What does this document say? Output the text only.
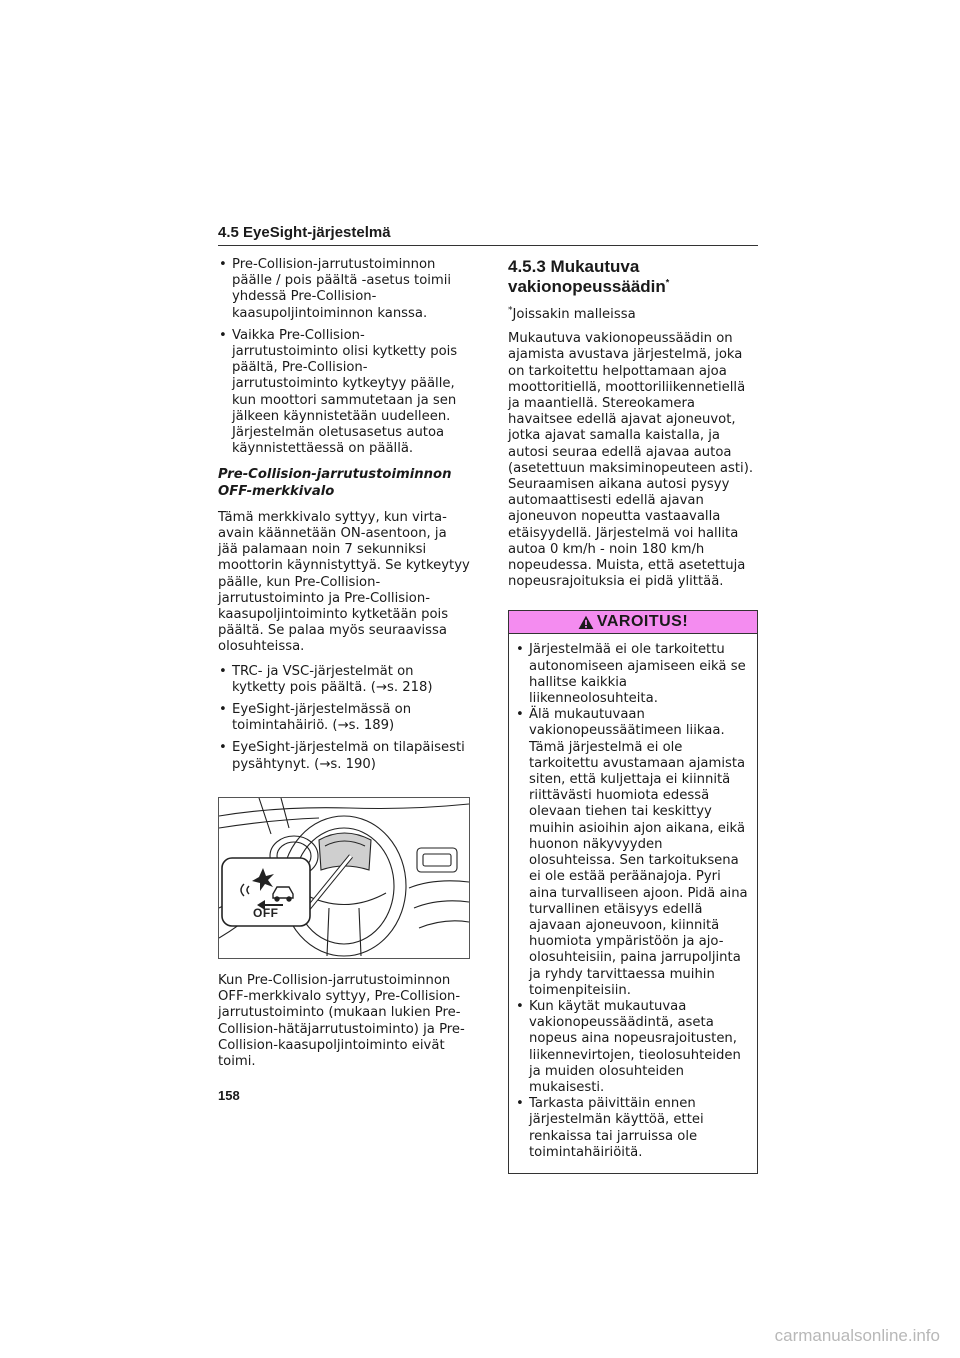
4.5 EyeSight-järjestelmä
• Pre-Collision-jarrutustoiminnon päälle / pois päältä -asetus toimii yhdessä Pre-Collision-kaasupoljintoiminnon kanssa.
• Vaikka Pre-Collision-jarrutustoiminto olisi kytketty pois päältä, Pre-Collision-jarrutustoiminto kytkeytyy päälle, kun moottori sammutetaan ja sen jälkeen käynnistetään uudelleen. Järjestelmän oletusasetus autoa käynnistettäessä on päällä.
Pre-Collision-jarrutustoiminnon OFF-merkkivalo

Tämä merkkivalo syttyy, kun virta-avain käännetään ON-asentoon, ja jää palamaan noin 7 sekunniksi moottorin käynnistyttyä. Se kytkeytyy päälle, kun Pre-Collision-jarrutustoiminto ja Pre-Collision-kaasupoljintoiminto kytketään pois päältä. Se palaa myös seuraavissa olosuhteissa.

• TRC- ja VSC-järjestelmät on kytketty pois päältä. (→s. 218)
• EyeSight-järjestelmässä on toimintahäiriö. (→s. 189)
• EyeSight-järjestelmä on tilapäisesti pysähtynyt. (→s. 190)
OFF

Kun Pre-Collision-jarrutustoiminnon OFF-merkkivalo syttyy, Pre-Collision-jarrutustoiminto (mukaan lukien Pre-Collision-hätäjarrutustoiminto) ja Pre-Collision-kaasupoljintoiminto eivät toimi.

4.5.3 Mukautuva vakionopeussäädin*

*Joissakin malleissa

Mukautuva vakionopeussäädin on ajamista avustava järjestelmä, joka on tarkoitettu helpottamaan ajoa moottoritiellä, moottoriliikennetiellä ja maantiellä. Stereokamera havaitsee edellä ajavat ajoneuvot, jotka ajavat samalla kaistalla, ja autosi seuraa edellä ajavaa autoa (asetettuun maksiminopeuteen asti). Seuraamisen aikana autosi pysyy automaattisesti edellä ajavan ajoneuvon nopeutta vastaavalla etäisyydellä. Järjestelmä voi hallita autoa 0 km/h - noin 180 km/h nopeudessa. Muista, että asetettuja nopeusrajoituksia ei pidä ylittää.

VAROITUS!
• Järjestelmää ei ole tarkoitettu autonomiseen ajamiseen eikä se hallitse kaikkia liikenneolosuhteita.
• Älä mukautuvaan vakionopeussäätimeen liikaa. Tämä järjestelmä ei ole tarkoitettu avustamaan ajamista siten, että kuljettaja ei kiinnitä riittävästi huomiota edessä olevaan tiehen tai keskittyy muihin asioihin ajon aikana, eikä huonon näkyvyyden olosuhteissa. Sen tarkoituksena ei ole estää peräänajoja. Pyri aina turvalliseen ajoon. Pidä aina turvallinen etäisyys edellä ajavaan ajoneuvoon, kiinnitä huomiota ympäristöön ja ajo-olosuhteisiin, paina jarrupoljinta ja ryhdy tarvittaessa muihin toimenpiteisiin.
• Kun käytät mukautuvaa vakionopeussäädintä, aseta nopeus aina nopeusrajoitusten, liikennevirtojen, tieolosuhteiden ja muiden olosuhteiden mukaisesti.
• Tarkasta päivittäin ennen järjestelmän käyttöä, ettei renkaissa tai jarruissa ole toimintahäiriöitä.
158
carmanualsonline.info
